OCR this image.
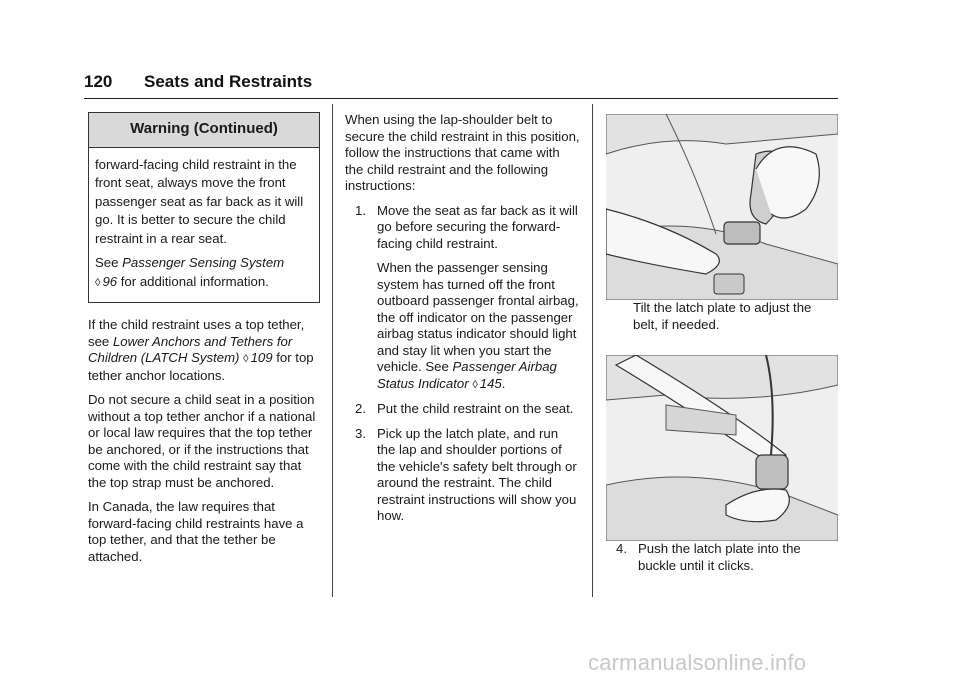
120 Seats and Restraints
Warning (Continued)

forward-facing child restraint in the front seat, always move the front passenger seat as far back as it will go. It is better to secure the child restraint in a rear seat.

See Passenger Sensing System
◊ 96 for additional information.

If the child restraint uses a top tether, see Lower Anchors and Tethers for Children (LATCH System) ◊ 109 for top tether anchor locations.

Do not secure a child seat in a position without a top tether anchor if a national or local law requires that the top tether be anchored, or if the instructions that come with the child restraint say that the top strap must be anchored.

In Canada, the law requires that forward-facing child restraints have a top tether, and that the tether be attached.

When using the lap-shoulder belt to secure the child restraint in this position, follow the instructions that came with the child restraint and the following instructions:

1. Move the seat as far back as it will go before securing the forward-facing child restraint.

When the passenger sensing system has turned off the front outboard passenger frontal airbag, the off indicator on the passenger airbag status indicator should light and stay lit when you start the vehicle. See Passenger Airbag Status Indicator ◊ 145.

2. Put the child restraint on the seat.

3. Pick up the latch plate, and run the lap and shoulder portions of the vehicle's safety belt through or around the restraint. The child restraint instructions will show you how.

Tilt the latch plate to adjust the belt, if needed.

4. Push the latch plate into the buckle until it clicks.

carmanualsonline.info
